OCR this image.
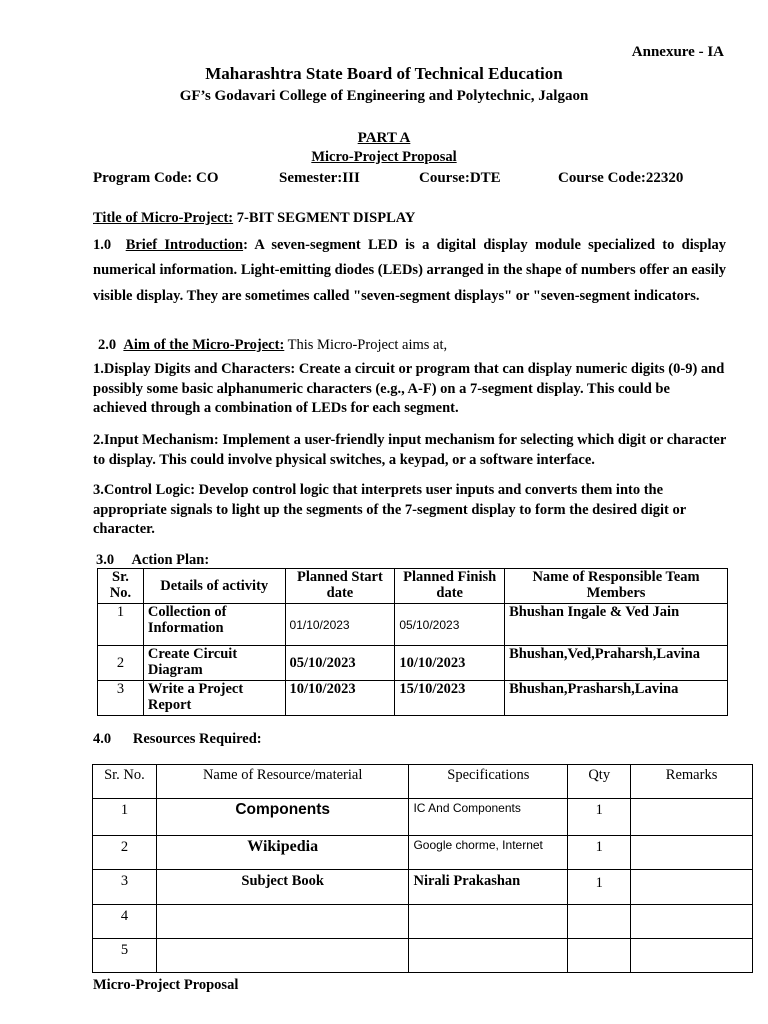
Annexure - IA
Maharashtra State Board of Technical Education
GF’s Godavari College of Engineering and Polytechnic, Jalgaon
PART A
Micro-Project Proposal
Program Code: CO	Semester:III	Course:DTE	Course Code:22320
Title of Micro-Project: 7-BIT SEGMENT DISPLAY
1.0 Brief Introduction: A seven-segment LED is a digital display module specialized to display numerical information. Light-emitting diodes (LEDs) arranged in the shape of numbers offer an easily visible display. They are sometimes called "seven-segment displays" or "seven-segment indicators.
2.0 Aim of the Micro-Project: This Micro-Project aims at,
1.Display Digits and Characters: Create a circuit or program that can display numeric digits (0-9) and possibly some basic alphanumeric characters (e.g., A-F) on a 7-segment display. This could be achieved through a combination of LEDs for each segment.
2.Input Mechanism: Implement a user-friendly input mechanism for selecting which digit or character to display. This could involve physical switches, a keypad, or a software interface.
3.Control Logic: Develop control logic that interprets user inputs and converts them into the appropriate signals to light up the segments of the 7-segment display to form the desired digit or character.
3.0     Action Plan:
Sr. No.	Details of activity	Planned Start date	Planned Finish date	Name of Responsible Team Members
1	Collection of Information	01/10/2023	05/10/2023	Bhushan Ingale & Ved Jain
2	Create Circuit Diagram	05/10/2023	10/10/2023	Bhushan,Ved,Praharsh,Lavina
3	Write a Project Report	10/10/2023	15/10/2023	Bhushan,Prasharsh,Lavina
4.0      Resources Required:
Sr. No.	Name of Resource/material	Specifications	Qty	Remarks
1	Components	IC And Components	1	
2	Wikipedia	Google chorme, Internet	1	
3	Subject Book	Nirali Prakashan	1	
4				
5				
Micro-Project Proposal
